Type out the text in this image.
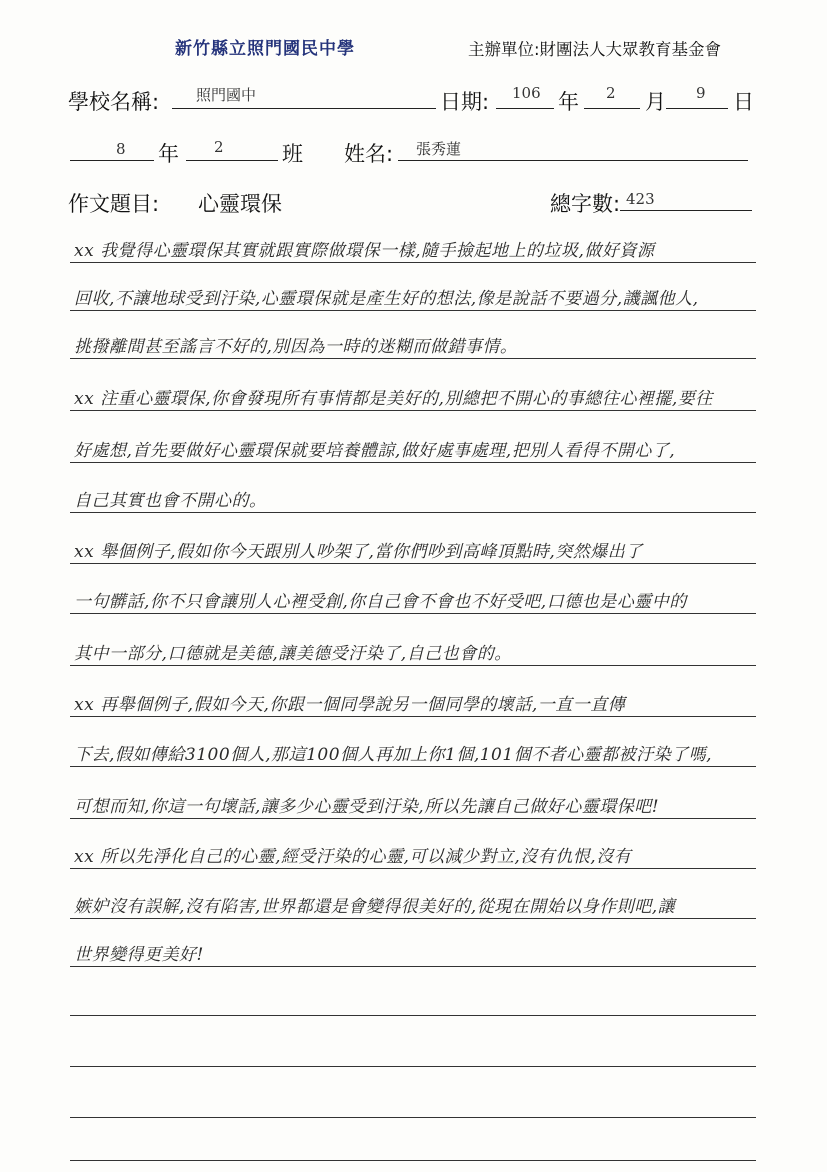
新竹縣立照門國民中學	主辦單位:財團法人大眾教育基金會
學校名稱: 照門國中	日期: 106 年 2 月 9 日
8 年 2	班 姓名: 張秀蓮
作文題目: 心靈環保	總字數: 423
xx 我覺得心靈環保其實就跟實際做環保一樣,隨手撿起地上的垃圾,做好資源
回收,不讓地球受到汙染,心靈環保就是產生好的想法,像是說話不要過分,譏諷他人,
挑撥離間甚至謠言不好的,別因為一時的迷糊而做錯事情。
xx 注重心靈環保,你會發現所有事情都是美好的,別總把不開心的事總往心裡擺,要往
好處想,首先要做好心靈環保就要培養體諒,做好處事處理,把別人看得不開心了,
自己其實也會不開心的。
xx 舉個例子,假如你今天跟別人吵架了,當你們吵到高峰頂點時,突然爆出了
一句髒話,你不只會讓別人心裡受創,你自己會不會也不好受吧,口德也是心靈中的
其中一部分,口德就是美德,讓美德受汙染了,自己也會的。
xx 再舉個例子,假如今天,你跟一個同學說另一個同學的壞話,一直一直傳
下去,假如傳給3100個人,那這100個人再加上你1個,101個不者心靈都被汙染了嗎,
可想而知,你這一句壞話,讓多少心靈受到汙染,所以先讓自己做好心靈環保吧!
xx 所以先淨化自己的心靈,經受汙染的心靈,可以減少對立,沒有仇恨,沒有
嫉妒沒有誤解,沒有陷害,世界都還是會變得很美好的,從現在開始以身作則吧,讓
世界變得更美好!
